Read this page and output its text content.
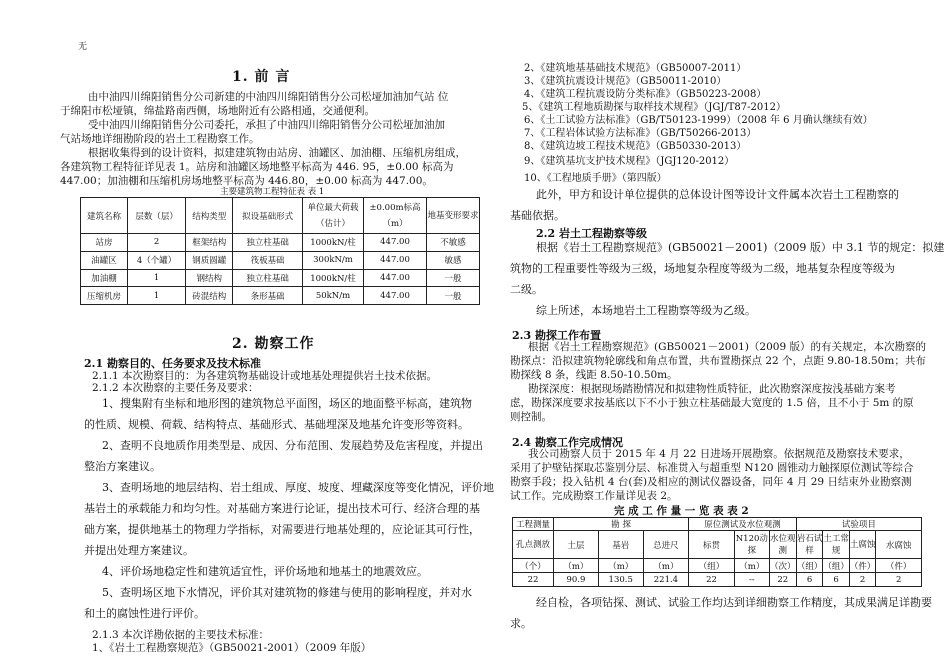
无
1. 前 言
由中油四川绵阳销售分公司新建的中油四川绵阳销售分公司松垭加油加气站 位
于绵阳市松垭镇，绵盐路南西侧，场地附近有公路相通，交通便利。
受中油四川绵阳销售分公司委托，承担了中油四川绵阳销售分公司松垭加油加
气站场地详细勘阶段的岩土工程勘察工作。
根据收集得到的设计资料，拟建建筑物由站房、油罐区、加油棚、压缩机房组成，
各建筑物工程特征详见表 1。站房和油罐区场地整平标高为 446. 95，±0.00 标高为
447.00；加油棚和压缩机房场地整平标高为 446.80，±0.00 标高为 447.00。
主要建筑物工程特征表 表 1
建筑名称	层数（层）	结构类型	拟设基础形式	单位最大荷载（估计）	±0.00m标高（m）	地基变形要求
站房	2	框架结构	独立柱基础	1000kN/柱	447.00	不敏感
油罐区	4（个罐）	钢质圆罐	筏板基础	300kN/m	447.00	敏感
加油棚	1	钢结构	独立柱基础	1000kN/柱	447.00	一般
压缩机房	1	砖混结构	条形基础	50kN/m	447.00	一般
2. 勘察工作
2.1 勘察目的、任务要求及技术标准
2.1.1 本次勘察目的：为各建筑物基础设计或地基处理提供岩土技术依据。
2.1.2 本次勘察的主要任务及要求：
1、搜集附有坐标和地形图的建筑物总平面图，场区的地面整平标高，建筑物
的性质、规模、荷载、结构特点、基础形式、基础埋深及地基允许变形等资料。
2、查明不良地质作用类型是、成因、分布范围、发展趋势及危害程度，并提出
整治方案建议。
3、查明场地的地层结构、岩土组成、厚度、坡度、埋藏深度等变化情况，评价地
基岩土的承载能力和均匀性。对基础方案进行论证，提出技术可行、经济合理的基
础方案，提供地基土的物理力学指标，对需要进行地基处理的，应论证其可行性，
并提出处理方案建议。
4、评价场地稳定性和建筑适宜性，评价场地和地基土的地震效应。
5、查明场区地下水情况，评价其对建筑物的修建与使用的影响程度，并对水
和土的腐蚀性进行评价。
2.1.3 本次详勘依据的主要技术标准：
1、《岩土工程勘察规范》（GB50021-2001）（2009 年版）
2、《建筑地基基础技术规范》（GB50007-2011）
3、《建筑抗震设计规范》（GB50011-2010）
4、《建筑工程抗震设防分类标准》（GB50223-2008）
5、《建筑工程地质勘探与取样技术规程》（JGJ/T87-2012）
6、《土工试验方法标准》（GB/T50123-1999）（2008 年 6 月确认继续有效）
7、《工程岩体试验方法标准》（GB/T50266-2013）
8、《建筑边坡工程技术规范》（GB50330-2013）
9、《建筑基坑支护技术规程》（JGJ120-2012）
10、《工程地质手册》（第四版）
此外，甲方和设计单位提供的总体设计图等设计文件属本次岩土工程勘察的
基础依据。
2.2 岩土工程勘察等级
根据《岩土工程勘察规范》(GB50021－2001)（2009 版）中 3.1 节的规定：拟建
筑物的工程重要性等级为三级，场地复杂程度等级为二级，地基复杂程度等级为
二级。
综上所述，本场地岩土工程勘察等级为乙级。
2.3 勘探工作布置
根据《岩土工程勘察规范》(GB50021－2001)（2009 版）的有关规定，本次勘察的
勘探点：沿拟建筑物轮廓线和角点布置，共布置勘探点 22 个，点距 9.80-18.50m；共布
勘探线 8 条，线距 8.50-10.50m。
勘探深度：根据现场踏勘情况和拟建物性质特征，此次勘察深度按浅基础方案考
虑，勘探深度要求按基底以下不小于独立柱基础最大宽度的 1.5 倍，且不小于 5m 的原
则控制。
2.4 勘察工作完成情况
我公司勘察人员于 2015 年 4 月 22 日进场开展勘察。依据规范及勘察技术要求，
采用了护壁钻探取芯鉴别分层、标准贯入与超重型 N120 圆锥动力触探原位测试等综合
勘察手段；投入钻机 4 台(套)及相应的测试仪器设备，同年 4 月 29 日结束外业勘察测
试工作。完成勘察工作量详见表 2。
完 成 工 作 量 一 览 表 表 2
工程测量	勘 探			原位测试及水位观测			试验项目			
孔点测放	土层	基岩	总进尺	标贯	N120动探	水位观测	岩石试样	土工常规	土腐蚀	水腐蚀
（个）	（m）	（m）	（m）	（组）	（m）	（次）	（组）	（组）	（件）	（件）
22	90.9	130.5	221.4	22	--	22	6	6	2	2
经自检，各项钻探、测试、试验工作均达到详细勘察工作精度，其成果满足详勘要
求。
